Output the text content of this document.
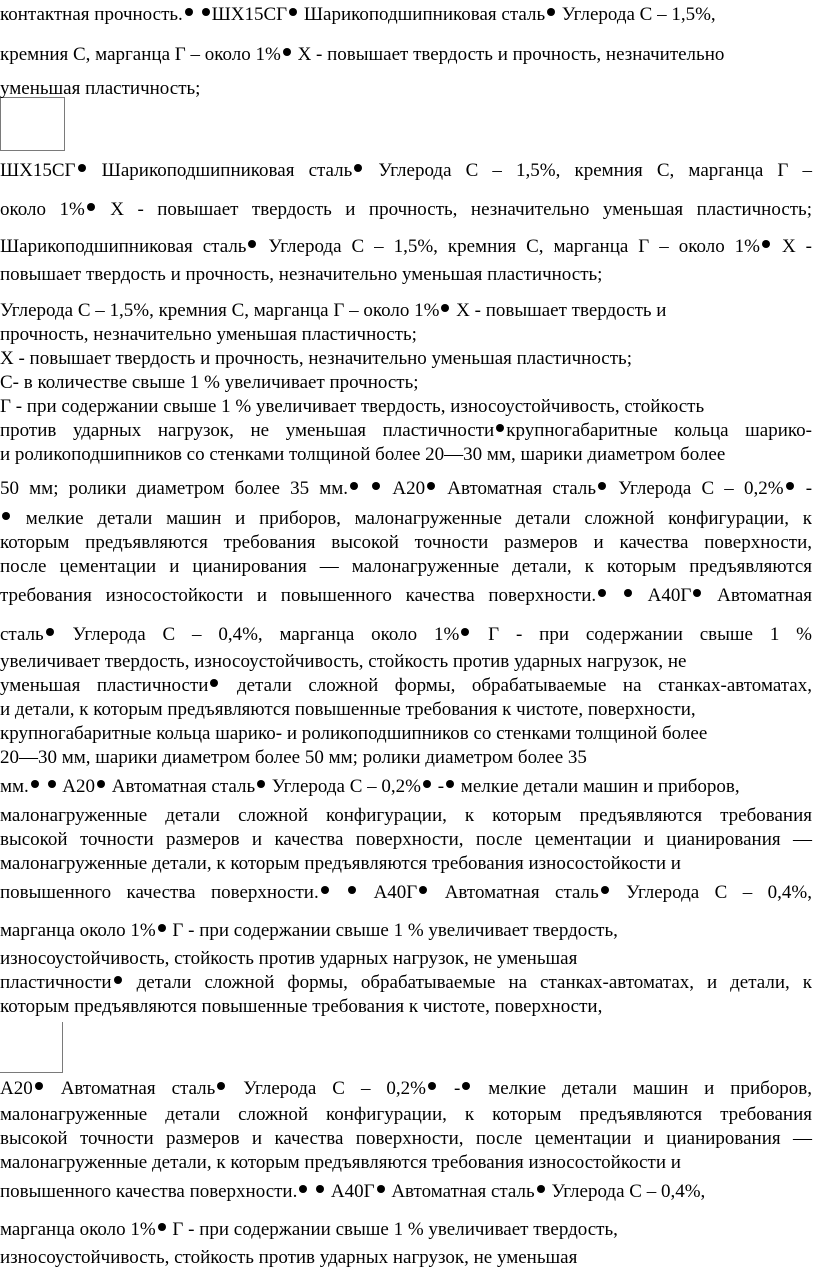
контактная прочность. ШХ15СГ Шарикоподшипниковая сталь Углерода С – 1,5%,
кремния С, марганца Г – около 1% Х - повышает твердость и прочность, незначительно
уменьшая пластичность;
ШХ15СГ Шарикоподшипниковая сталь Углерода С – 1,5%, кремния С, марганца Г –
около 1% Х - повышает твердость и прочность, незначительно уменьшая пластичность;
Шарикоподшипниковая сталь Углерода С – 1,5%, кремния С, марганца Г – около 1% Х -
повышает твердость и прочность, незначительно уменьшая пластичность;
Углерода С – 1,5%, кремния С, марганца Г – около 1% Х - повышает твердость и
прочность, незначительно уменьшая пластичность;
Х - повышает твердость и прочность, незначительно уменьшая пластичность;
С- в количестве свыше 1 % увеличивает прочность;
Г - при содержании свыше 1 % увеличивает твердость, износоустойчивость, стойкость
против ударных нагрузок, не уменьшая пластичности крупногабаритные кольца шарико-
и роликоподшипников со стенками толщиной более 20—30 мм, шарики диаметром более
50 мм; ролики диаметром более 35 мм.  А20 Автоматная сталь Углерода С – 0,2% -
мелкие детали машин и приборов, малонагруженные детали сложной конфигурации, к
которым предъявляются требования высокой точности размеров и качества поверхности,
после цементации и цианирования — малонагруженные детали, к которым предъявляются
требования износостойкости и повышенного качества поверхности.  А40Г Автоматная
сталь Углерода С – 0,4%, марганца около 1% Г - при содержании свыше 1 %
увеличивает твердость, износоустойчивость, стойкость против ударных нагрузок, не
уменьшая пластичности детали сложной формы, обрабатываемые на станках-автоматах,
и детали, к которым предъявляются повышенные требования к чистоте, поверхности,
крупногабаритные кольца шарико- и роликоподшипников со стенками толщиной более
20—30 мм, шарики диаметром более 50 мм; ролики диаметром более 35
мм.  А20 Автоматная сталь Углерода С – 0,2% - мелкие детали машин и приборов,
малонагруженные детали сложной конфигурации, к которым предъявляются требования
высокой точности размеров и качества поверхности, после цементации и цианирования —
малонагруженные детали, к которым предъявляются требования износостойкости и
повышенного качества поверхности.  А40Г Автоматная сталь Углерода С – 0,4%,
марганца около 1% Г - при содержании свыше 1 % увеличивает твердость,
износоустойчивость, стойкость против ударных нагрузок, не уменьшая
пластичности детали сложной формы, обрабатываемые на станках-автоматах, и детали, к
которым предъявляются повышенные требования к чистоте, поверхности,
А20 Автоматная сталь Углерода С – 0,2% - мелкие детали машин и приборов,
малонагруженные детали сложной конфигурации, к которым предъявляются требования
высокой точности размеров и качества поверхности, после цементации и цианирования —
малонагруженные детали, к которым предъявляются требования износостойкости и
повышенного качества поверхности.  А40Г Автоматная сталь Углерода С – 0,4%,
марганца около 1% Г - при содержании свыше 1 % увеличивает твердость,
износоустойчивость, стойкость против ударных нагрузок, не уменьшая
